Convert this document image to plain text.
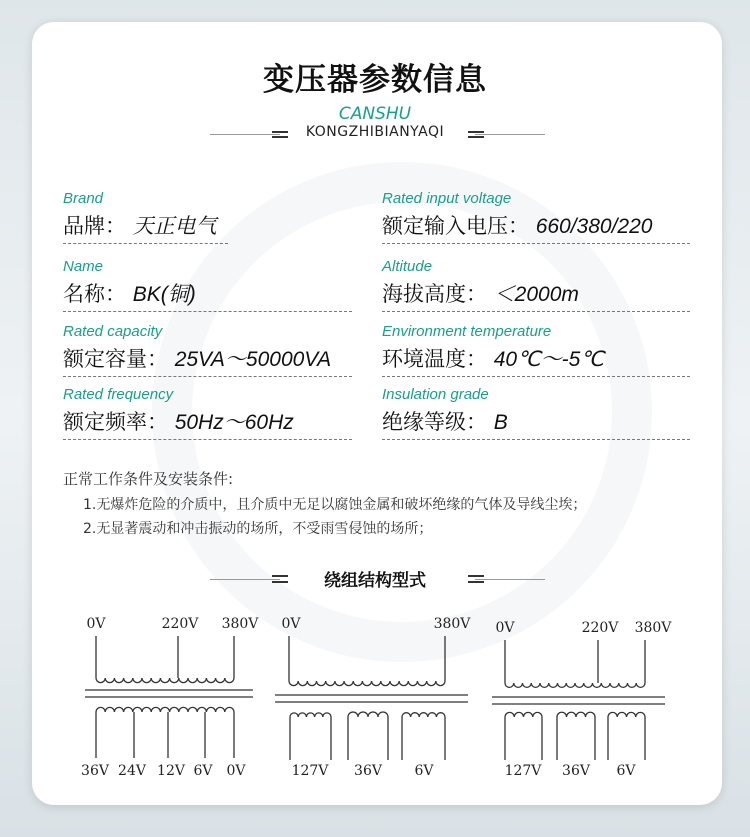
变压器参数信息
CANSHU
KONGZHIBIANYAQI
Brand
品牌： 天正电气
Rated input voltage
额定输入电压： 660/380/220
Name
名称： BK(铜)
Altitude
海拔高度： ＜2000m
Rated capacity
额定容量： 25VA～50000VA
Environment temperature
环境温度： 40℃～-5℃
Rated frequency
额定频率： 50Hz～60Hz
Insulation grade
绝缘等级： B
正常工作条件及安装条件:
1.无爆炸危险的介质中，且介质中无足以腐蚀金属和破坏绝缘的气体及导线尘埃；
2.无显著震动和冲击振动的场所，不受雨雪侵蚀的场所；
绕组结构型式
0V	220V 380V
36V 24V 12V 6V 0V
0V	380V
127V 36V 6V
0V	220V 380V
127V 36V 6V
